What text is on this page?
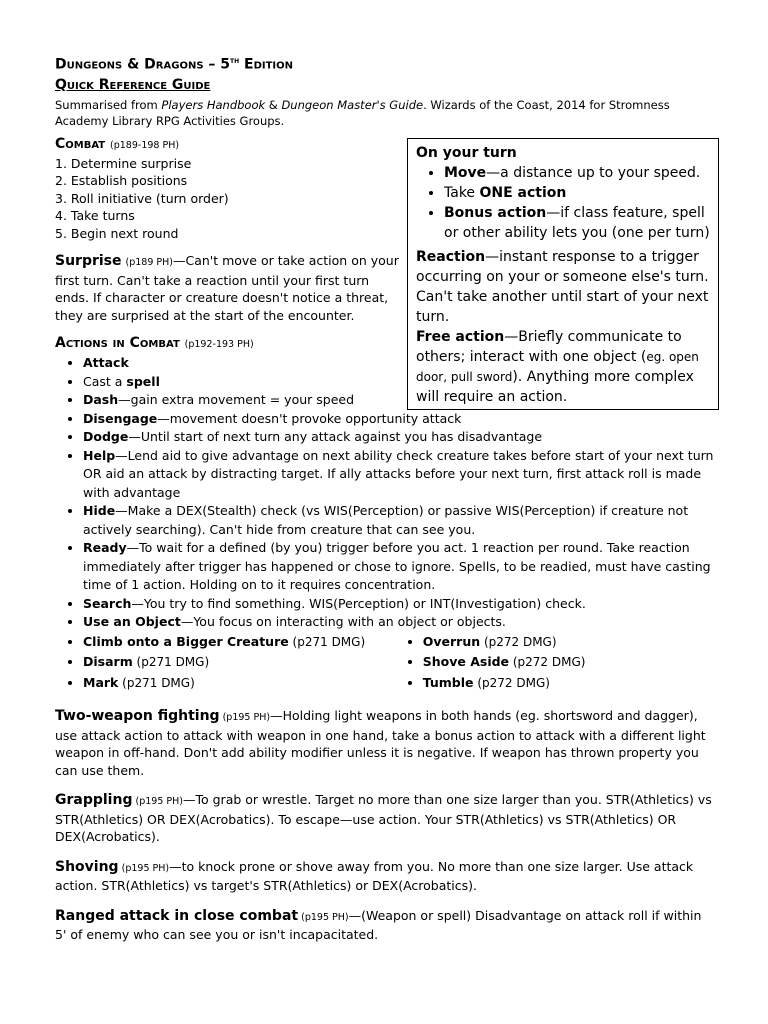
Dungeons & Dragons – 5th Edition

Quick Reference Guide

Summarised from Players Handbook & Dungeon Master's Guide. Wizards of the Coast, 2014 for Stromness Academy Library RPG Activities Groups.

Combat (p189-198 PH)
1. Determine surprise
2. Establish positions
3. Roll initiative (turn order)
4. Take turns
5. Begin next round

Surprise (p189 PH)—Can't move or take action on your first turn. Can't take a reaction until your first turn ends. If character or creature doesn't notice a threat, they are surprised at the start of the encounter.

Actions in Combat (p192-193 PH)
• Attack
• Cast a spell
• Dash—gain extra movement = your speed
• Disengage—movement doesn't provoke opportunity attack
• Dodge—Until start of next turn any attack against you has disadvantage
• Help—Lend aid to give advantage on next ability check creature takes before start of your next turn OR aid an attack by distracting target. If ally attacks before your next turn, first attack roll is made with advantage
• Hide—Make a DEX(Stealth) check (vs WIS(Perception) or passive WIS(Perception) if creature not actively searching). Can't hide from creature that can see you.
• Ready—To wait for a defined (by you) trigger before you act. 1 reaction per round. Take reaction immediately after trigger has happened or chose to ignore. Spells, to be readied, must have casting time of 1 action. Holding on to it requires concentration.
• Search—You try to find something. WIS(Perception) or INT(Investigation) check.
• Use an Object—You focus on interacting with an object or objects.
• Climb onto a Bigger Creature (p271 DMG)
• Disarm (p271 DMG)
• Mark (p271 DMG)
• Overrun (p272 DMG)
• Shove Aside (p272 DMG)
• Tumble (p272 DMG)

Two-weapon fighting (p195 PH)—Holding light weapons in both hands (eg. shortsword and dagger), use attack action to attack with weapon in one hand, take a bonus action to attack with a different light weapon in off-hand. Don't add ability modifier unless it is negative. If weapon has thrown property you can use them.

Grappling (p195 PH)—To grab or wrestle. Target no more than one size larger than you. STR(Athletics) vs STR(Athletics) OR DEX(Acrobatics). To escape—use action. Your STR(Athletics) vs STR(Athletics) OR DEX(Acrobatics).

Shoving (p195 PH)—to knock prone or shove away from you. No more than one size larger. Use attack action. STR(Athletics) vs target's STR(Athletics) or DEX(Acrobatics).

Ranged attack in close combat (p195 PH)—(Weapon or spell) Disadvantage on attack roll if within 5' of enemy who can see you or isn't incapacitated.

On your turn
• Move—a distance up to your speed.
• Take ONE action
• Bonus action—if class feature, spell or other ability lets you (one per turn)

Reaction—instant response to a trigger occurring on your or someone else's turn. Can't take another until start of your next turn.

Free action—Briefly communicate to others; interact with one object (eg. open door, pull sword). Anything more complex will require an action.
